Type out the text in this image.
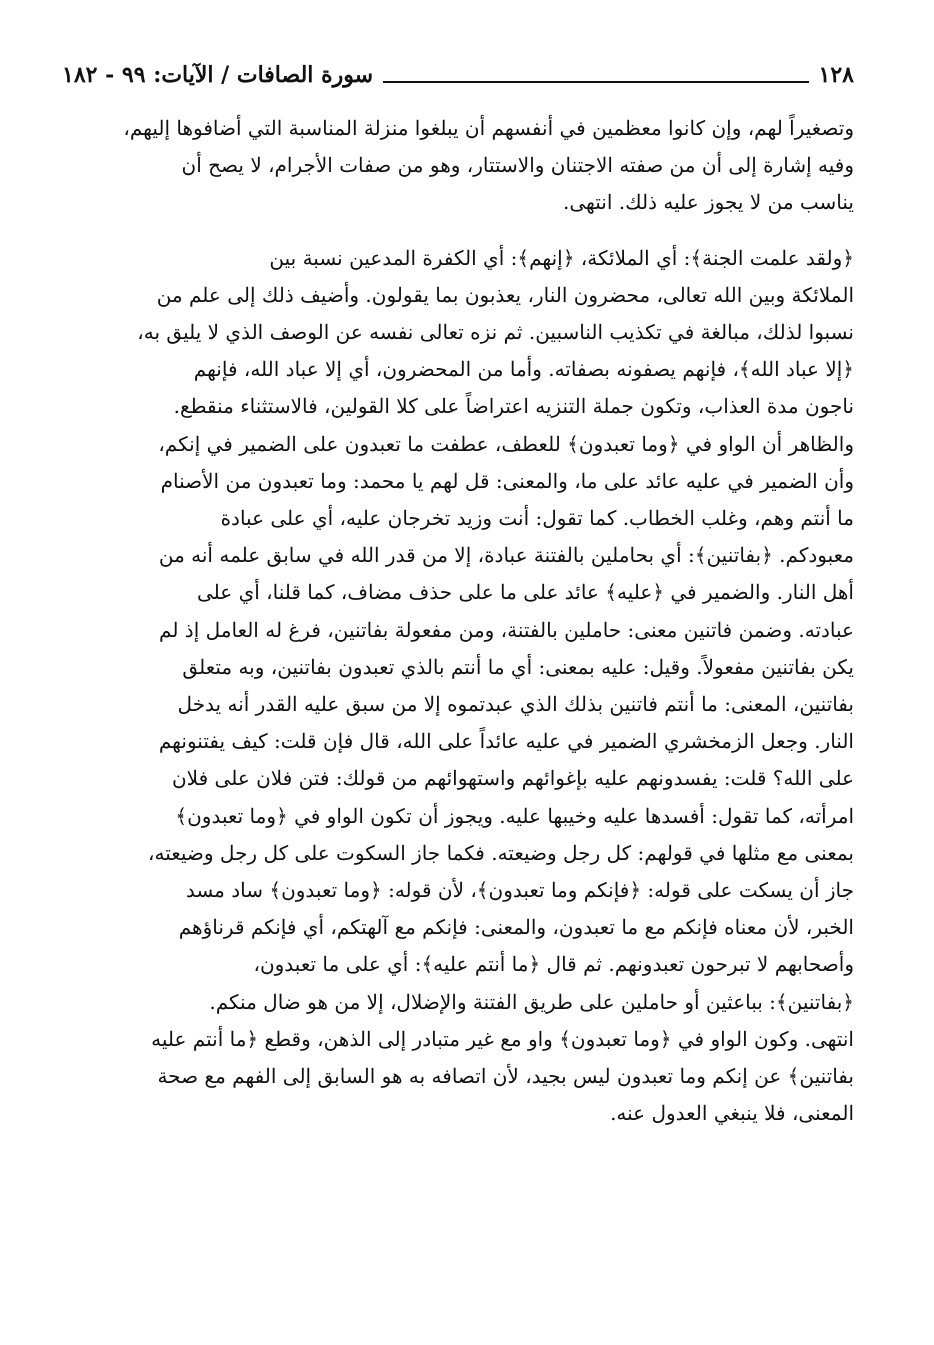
١٢٨
سورة الصافات / الآيات: ٩٩ - ١٨٢

وتصغيراً لهم، وإن كانوا معظمين في أنفسهم أن يبلغوا منزلة المناسبة التي أضافوها إليهم،
وفيه إشارة إلى أن من صفته الاجتنان والاستتار، وهو من صفات الأجرام، لا يصح أن
يناسب من لا يجوز عليه ذلك. انتهى.

﴿ولقد علمت الجنة﴾: أي الملائكة، ﴿إنهم﴾: أي الكفرة المدعين نسبة بين
الملائكة وبين الله تعالى، محضرون النار، يعذبون بما يقولون. وأضيف ذلك إلى علم من
نسبوا لذلك، مبالغة في تكذيب الناسبين. ثم نزه تعالى نفسه عن الوصف الذي لا يليق به،
﴿إلا عباد الله﴾، فإنهم يصفونه بصفاته. وأما من المحضرون، أي إلا عباد الله، فإنهم
ناجون مدة العذاب، وتكون جملة التنزيه اعتراضاً على كلا القولين، فالاستثناء منقطع.
والظاهر أن الواو في ﴿وما تعبدون﴾ للعطف، عطفت ما تعبدون على الضمير في إنكم،
وأن الضمير في عليه عائد على ما، والمعنى: قل لهم يا محمد: وما تعبدون من الأصنام
ما أنتم وهم، وغلب الخطاب. كما تقول: أنت وزيد تخرجان عليه، أي على عبادة
معبودكم. ﴿بفاتنين﴾: أي بحاملين بالفتنة عبادة، إلا من قدر الله في سابق علمه أنه من
أهل النار. والضمير في ﴿عليه﴾ عائد على ما على حذف مضاف، كما قلنا، أي على
عبادته. وضمن فاتنين معنى: حاملين بالفتنة، ومن مفعولة بفاتنين، فرغ له العامل إذ لم
يكن بفاتنين مفعولاً. وقيل: عليه بمعنى: أي ما أنتم بالذي تعبدون بفاتنين، وبه متعلق
بفاتنين، المعنى: ما أنتم فاتنين بذلك الذي عبدتموه إلا من سبق عليه القدر أنه يدخل
النار. وجعل الزمخشري الضمير في عليه عائداً على الله، قال فإن قلت: كيف يفتنونهم
على الله؟ قلت: يفسدونهم عليه بإغوائهم واستهوائهم من قولك: فتن فلان على فلان
امرأته، كما تقول: أفسدها عليه وخيبها عليه. ويجوز أن تكون الواو في ﴿وما تعبدون﴾
بمعنى مع مثلها في قولهم: كل رجل وضيعته. فكما جاز السكوت على كل رجل وضيعته،
جاز أن يسكت على قوله: ﴿فإنكم وما تعبدون﴾، لأن قوله: ﴿وما تعبدون﴾ ساد مسد
الخبر، لأن معناه فإنكم مع ما تعبدون، والمعنى: فإنكم مع آلهتكم، أي فإنكم قرناؤهم
وأصحابهم لا تبرحون تعبدونهم. ثم قال ﴿ما أنتم عليه﴾: أي على ما تعبدون،
﴿بفاتنين﴾: بباعثين أو حاملين على طريق الفتنة والإضلال، إلا من هو ضال منكم.
انتهى. وكون الواو في ﴿وما تعبدون﴾ واو مع غير متبادر إلى الذهن، وقطع ﴿ما أنتم عليه
بفاتنين﴾ عن إنكم وما تعبدون ليس بجيد، لأن اتصافه به هو السابق إلى الفهم مع صحة
المعنى، فلا ينبغي العدول عنه.
